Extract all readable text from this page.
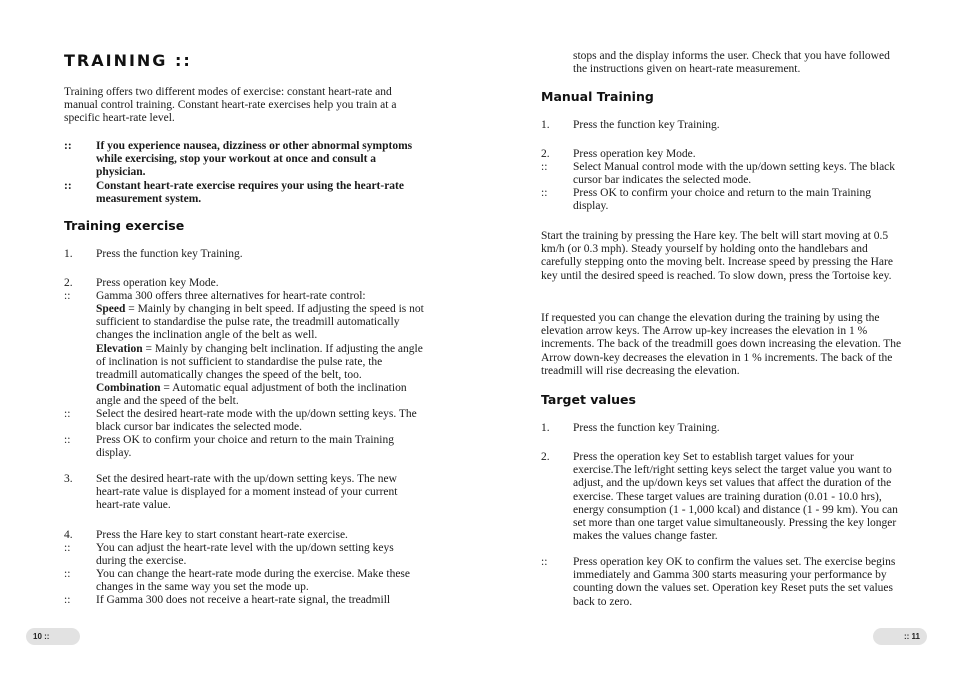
TRAINING ::
Training offers two different modes of exercise: constant heart-rate and manual control training. Constant heart-rate exercises help you train at a specific heart-rate level.
:: If you experience nausea, dizziness or other abnormal symptoms while exercising, stop your workout at once and consult a physician.
:: Constant heart-rate exercise requires your using the heart-rate measurement system.
Training exercise
1. Press the function key Training.
2. Press operation key Mode.
:: Gamma 300 offers three alternatives for heart-rate control:
Speed = Mainly by changing in belt speed. If adjusting the speed is not sufficient to standardise the pulse rate, the treadmill automatically changes the inclination angle of the belt as well.
Elevation = Mainly by changing belt inclination. If adjusting the angle of inclination is not sufficient to standardise the pulse rate, the treadmill automatically changes the speed of the belt, too.
Combination = Automatic equal adjustment of both the inclination angle and the speed of the belt.
:: Select the desired heart-rate mode with the up/down setting keys. The black cursor bar indicates the selected mode.
:: Press OK to confirm your choice and return to the main Training display.
3. Set the desired heart-rate with the up/down setting keys. The new heart-rate value is displayed for a moment instead of your current heart-rate value.
4. Press the Hare key to start constant heart-rate exercise.
:: You can adjust the heart-rate level with the up/down setting keys during the exercise.
:: You can change the heart-rate mode during the exercise. Make these changes in the same way you set the mode up.
:: If Gamma 300 does not receive a heart-rate signal, the treadmill
10 ::
stops and the display informs the user. Check that you have followed the instructions given on heart-rate measurement.
Manual Training
1. Press the function key Training.
2. Press operation key Mode.
:: Select Manual control mode with the up/down setting keys. The black cursor bar indicates the selected mode.
:: Press OK to confirm your choice and return to the main Training display.
Start the training by pressing the Hare key. The belt will start moving at 0.5 km/h (or 0.3 mph). Steady yourself by holding onto the handlebars and carefully stepping onto the moving belt. Increase speed by pressing the Hare key until the desired speed is reached. To slow down, press the Tortoise key.
If requested you can change the elevation during the training by using the elevation arrow keys. The Arrow up-key increases the elevation in 1 % increments. The back of the treadmill goes down increasing the elevation. The Arrow down-key decreases the elevation in 1 % increments. The back of the treadmill will rise decreasing the elevation.
Target values
1. Press the function key Training.
2. Press the operation key Set to establish target values for your exercise.The left/right setting keys select the target value you want to adjust, and the up/down keys set values that affect the duration of the exercise. These target values are training duration (0.01 - 10.0 hrs), energy consumption (1 - 1,000 kcal) and distance (1 - 99 km). You can set more than one target value simultaneously. Pressing the key longer makes the values change faster.
:: Press operation key OK to confirm the values set. The exercise begins immediately and Gamma 300 starts measuring your performance by counting down the values set. Operation key Reset puts the set values back to zero.
:: 11
